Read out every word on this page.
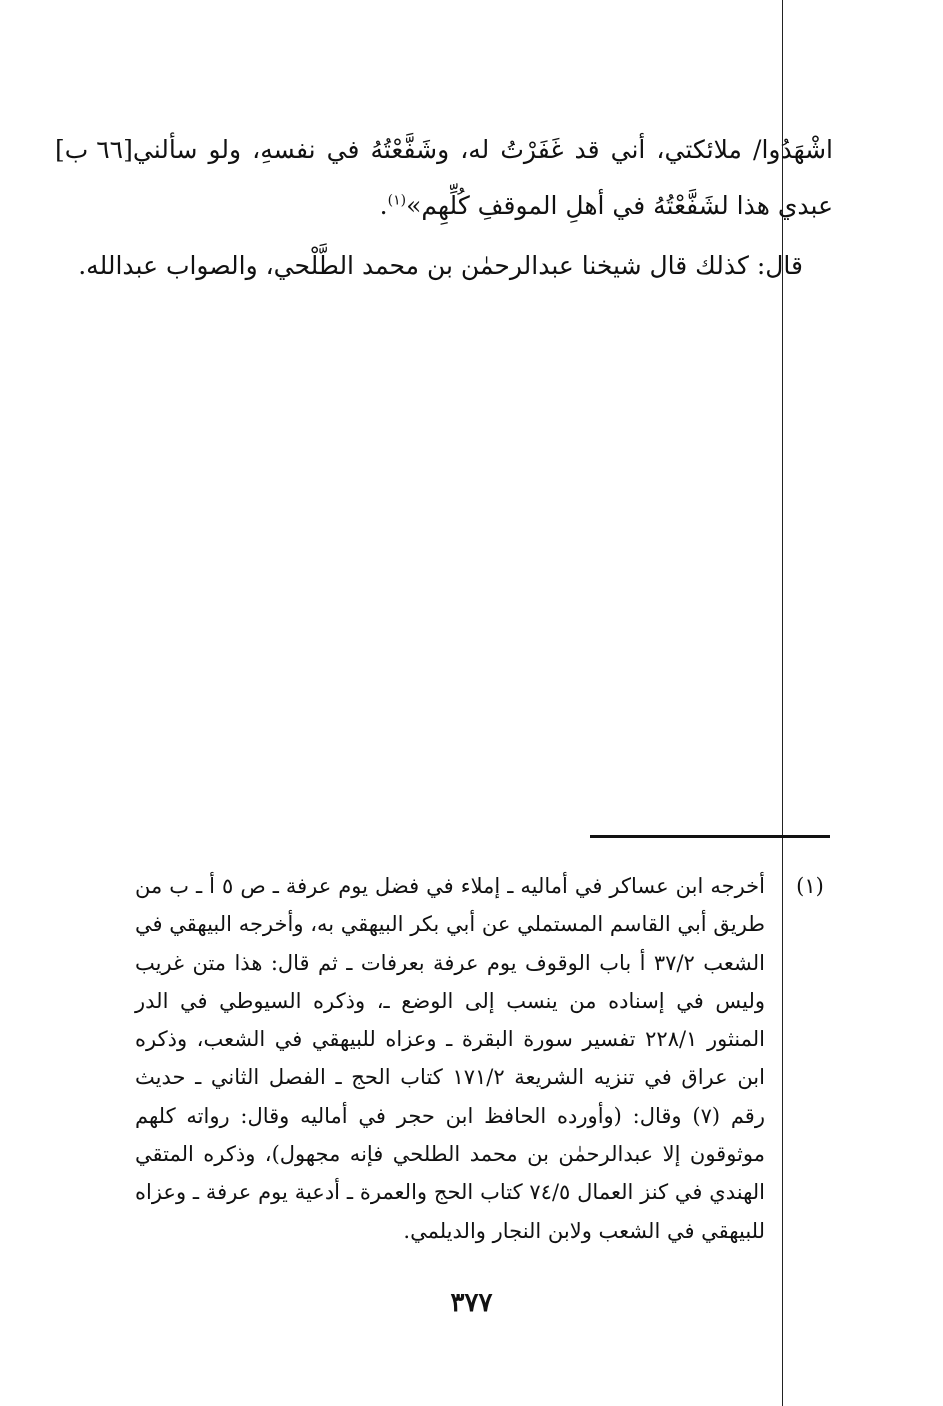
[٦٦ ب] اشْهَدُوا/ ملائكتي، أني قد غَفَرْتُ له، وشَفَّعْتُهُ في نفسهِ، ولو سألني عبدي هذا لشَفَّعْتُهُ في أهلِ الموقفِ كُلِّهِم»$^{(١)}$.

قال: كذلك قال شيخنا عبدالرحمٰن بن محمد الطَّلْحي، والصواب عبدالله.

(١)
أخرجه ابن عساكر في أماليه ـ إملاء في فضل يوم عرفة ـ ص ٥ أ ـ ب من طريق أبي القاسم المستملي عن أبي بكر البيهقي به، وأخرجه البيهقي في الشعب ٣٧/٢ أ باب الوقوف يوم عرفة بعرفات ـ ثم قال: هذا متن غريب وليس في إسناده من ينسب إلى الوضع ـ، وذكره السيوطي في الدر المنثور ٢٢٨/١ تفسير سورة البقرة ـ وعزاه للبيهقي في الشعب، وذكره ابن عراق في تنزيه الشريعة ١٧١/٢ كتاب الحج ـ الفصل الثاني ـ حديث رقم (٧) وقال: (وأورده الحافظ ابن حجر في أماليه وقال: رواته كلهم موثوقون إلا عبدالرحمٰن بن محمد الطلحي فإنه مجهول)، وذكره المتقي الهندي في كنز العمال ٧٤/٥ كتاب الحج والعمرة ـ أدعية يوم عرفة ـ وعزاه للبيهقي في الشعب ولابن النجار والديلمي.
٣٧٧
